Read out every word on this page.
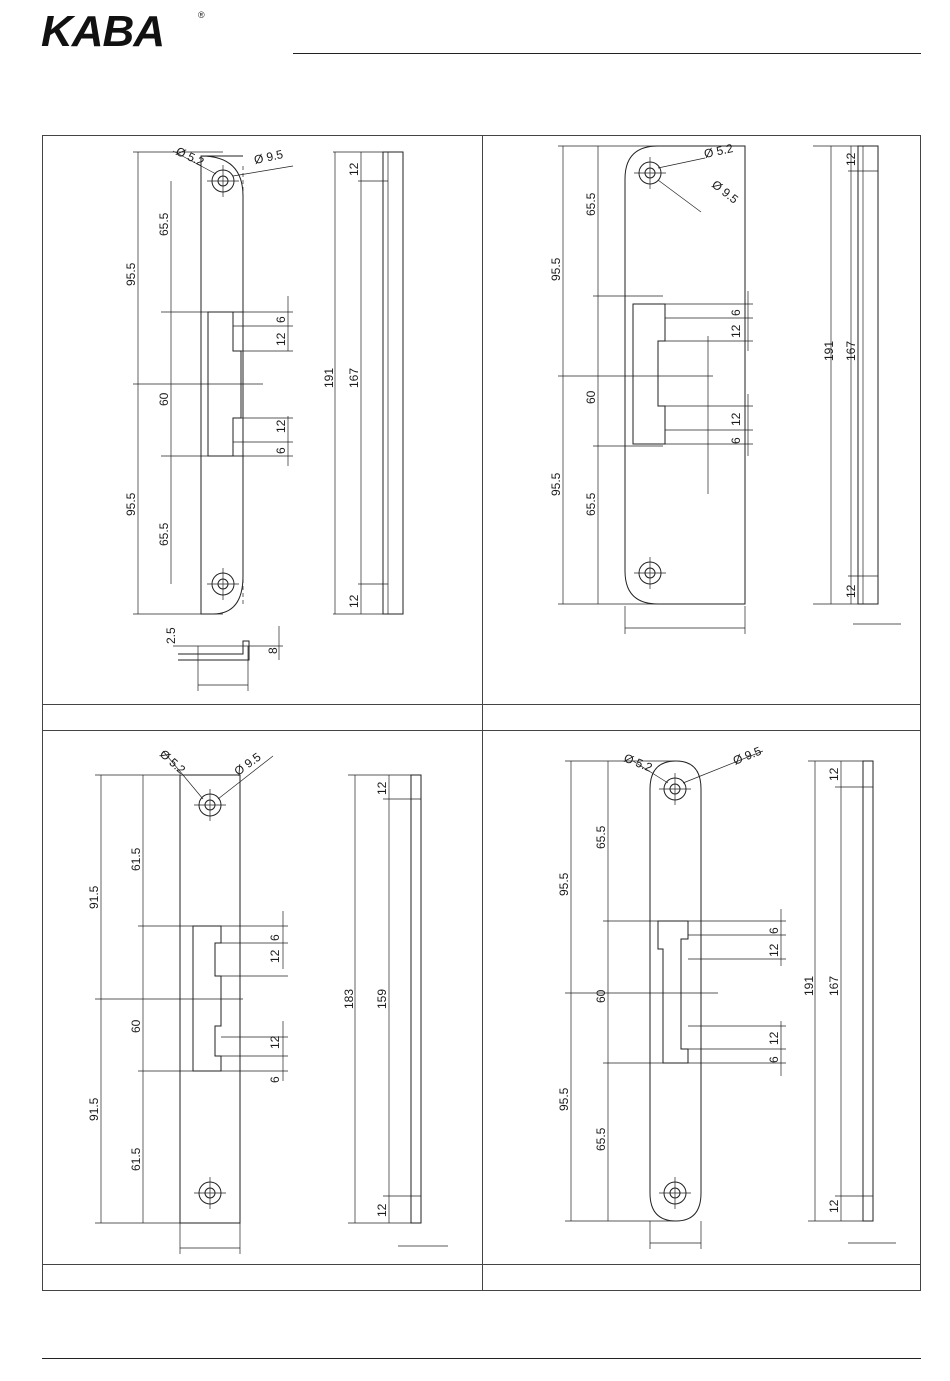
KABA	®
Ø 5.2	Ø 9.5
95.5
65.5
60
95.5
65.5
6
12
12
6
191 167
12
12
2.5
8
Ø 5.2
Ø 9.5
95.5
65.5
60
95.5
65.5
6
12
12
6
191 167
12
12
Ø 5.2	Ø 9.5
91.5
61.5
60
91.5
61.5
6
12
12
6
183 159
12
12
Ø 5.2	Ø 9.5
95.5
65.5
60
95.5
65.5
6
12
12
6
191 167
12
12
